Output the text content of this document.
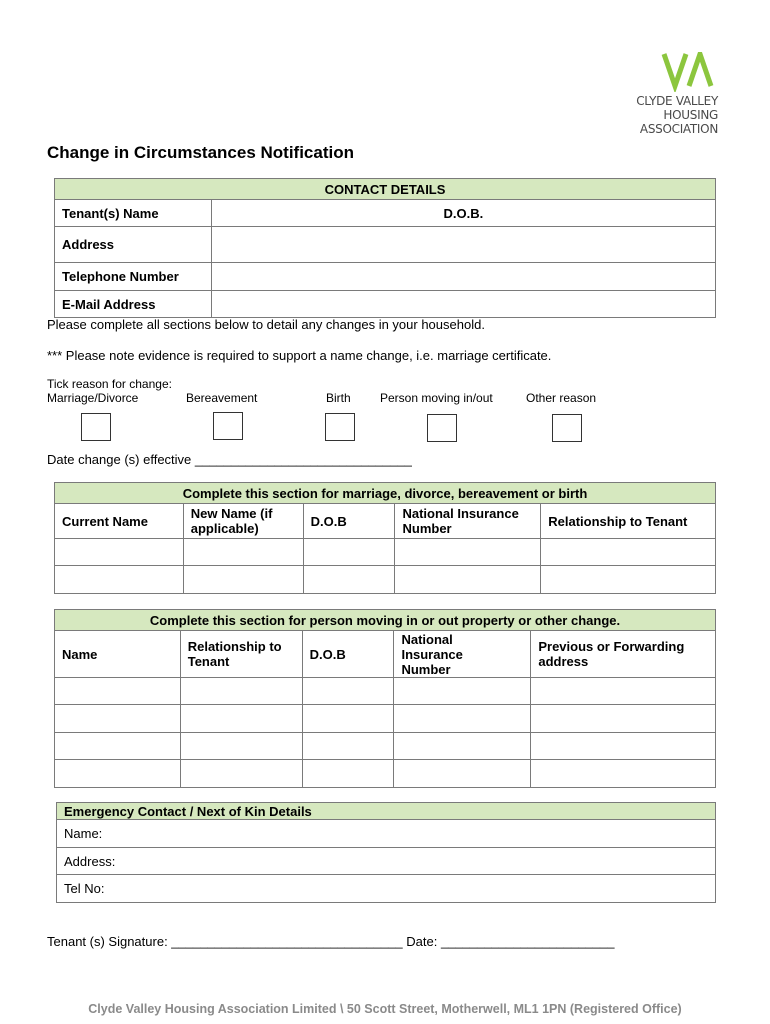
CLYDE VALLEY
HOUSING
ASSOCIATION
Change in Circumstances Notification
CONTACT DETAILS	
Tenant(s) Name	D.O.B.
Address	
Telephone Number	
E-Mail Address	
Please complete all sections below to detail any changes in your household.
*** Please note evidence is required to support a name change, i.e. marriage certificate.
Tick reason for change:
Marriage/Divorce	Bereavement	Birth Person moving in/out	Other reason
Date change (s) effective ______________________________
Complete this section for marriage, divorce, bereavement or birth				
Current Name	New Name (if applicable)	D.O.B	National Insurance Number	Relationship to Tenant

Complete this section for person moving in or out property or other change.				
Name	Relationship to Tenant	D.O.B	National Insurance Number	Previous or Forwarding address

Emergency Contact / Next of Kin Details
Name:
Address:
Tel No:
Tenant (s) Signature: ________________________________ Date: ________________________
Clyde Valley Housing Association Limited \ 50 Scott Street, Motherwell, ML1 1PN (Registered Office)
